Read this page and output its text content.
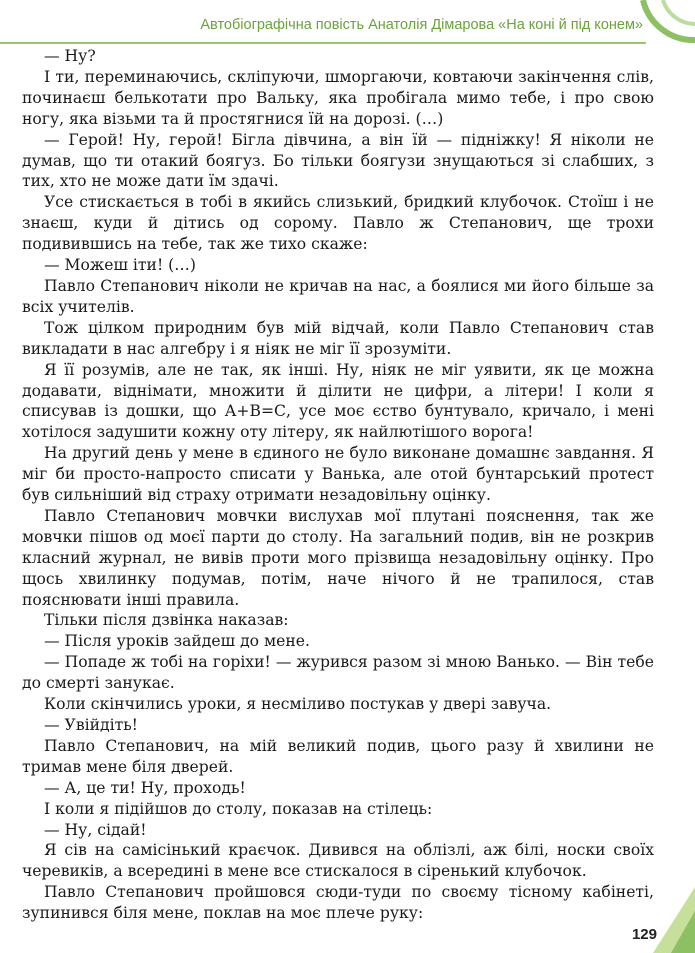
Автобіографічна повість Анатолія Дімарова «На коні й під конем»

— Ну?

І ти, переминаючись, скліпуючи, шморгаючи, ковтаючи закінчення слів, починаєш белькотати про Вальку, яка пробігала мимо тебе, і про свою ногу, яка візьми та й простягнися їй на дорозі. (…)

— Герой! Ну, герой! Бігла дівчина, а він їй — підніжку! Я ніколи не думав, що ти отакий боягуз. Бо тільки боягузи знущаються зі слабших, з тих, хто не може дати їм здачі.

Усе стискається в тобі в якийсь слизький, бридкий клубочок. Стоїш і не знаєш, куди й дітись од сорому. Павло ж Степанович, ще трохи подивившись на тебе, так же тихо скаже:

— Можеш іти! (…)

Павло Степанович ніколи не кричав на нас, а боялися ми його більше за всіх учителів.

Тож цілком природним був мій відчай, коли Павло Степанович став викладати в нас алгебру і я ніяк не міг її зрозуміти.

Я її розумів, але не так, як інші. Ну, ніяк не міг уявити, як це можна додавати, віднімати, множити й ділити не цифри, а літери! І коли я списував із дошки, що А+В=С, усе моє єство бунтувало, кричало, і мені хотілося задушити кожну оту літеру, як найлютішого ворога!

На другий день у мене в єдиного не було виконане домашнє завдання. Я міг би просто-напросто списати у Ванька, але отой бунтарський протест був сильніший від страху отримати незадовільну оцінку.

Павло Степанович мовчки вислухав мої плутані пояснення, так же мовчки пішов од моєї парти до столу. На загальний подив, він не розкрив класний журнал, не вивів проти мого прізвища незадовільну оцінку. Про щось хвилинку подумав, потім, наче нічого й не трапилося, став пояснювати інші правила.

Тільки після дзвінка наказав:

— Після уроків зайдеш до мене.

— Попаде ж тобі на горіхи! — журився разом зі мною Ванько. — Він тебе до смерті занукає.

Коли скінчились уроки, я несміливо постукав у двері завуча.

— Увійдіть!

Павло Степанович, на мій великий подив, цього разу й хвилини не тримав мене біля дверей.

— А, це ти! Ну, проходь!

І коли я підійшов до столу, показав на стілець:

— Ну, сідай!

Я сів на самісінький краєчок. Дивився на облізлі, аж білі, носки своїх черевиків, а всередині в мене все стискалося в сіренький клубочок.

Павло Степанович пройшовся сюди-туди по своєму тісному кабінеті, зупинився біля мене, поклав на моє плече руку:

129
